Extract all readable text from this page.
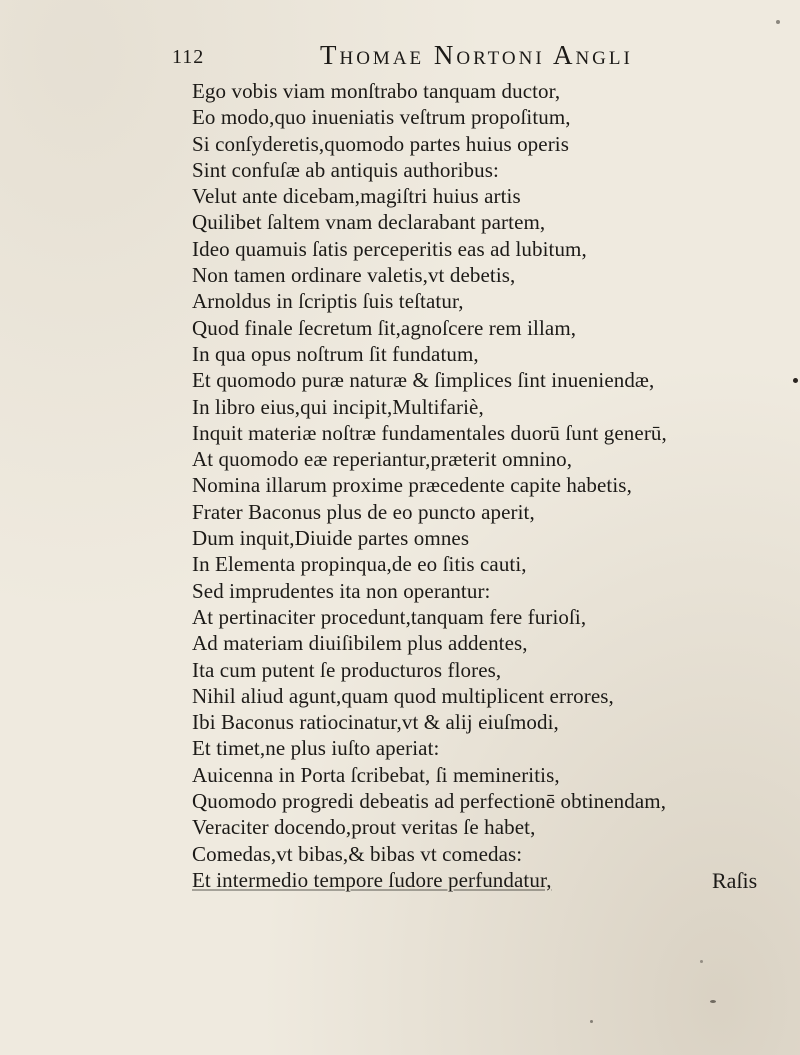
112	Thomae Nortoni Angli
Ego vobis viam monſtrabo tanquam ductor,
Eo modo,quo inueniatis veſtrum propoſitum,
Si conſyderetis,quomodo partes huius operis
Sint confuſæ ab antiquis authoribus:
Velut ante dicebam,magiſtri huius artis
Quilibet ſaltem vnam declarabant partem,
Ideo quamuis ſatis perceperitis eas ad lubitum,
Non tamen ordinare valetis,vt debetis,
Arnoldus in ſcriptis ſuis teſtatur,
Quod finale ſecretum ſit,agnoſcere rem illam,
In qua opus noſtrum ſit fundatum,
Et quomodo puræ naturæ & ſimplices ſint inueniendæ,
In libro eius,qui incipit,Multifariè,
Inquit materiæ noſtræ fundamentales duorū ſunt generū,
At quomodo eæ reperiantur,præterit omnino,
Nomina illarum proxime præcedente capite habetis,
Frater Baconus plus de eo puncto aperit,
Dum inquit,Diuide partes omnes
In Elementa propinqua,de eo ſitis cauti,
Sed imprudentes ita non operantur:
At pertinaciter procedunt,tanquam fere furioſi,
Ad materiam diuiſibilem plus addentes,
Ita cum putent ſe producturos flores,
Nihil aliud agunt,quam quod multiplicent errores,
Ibi Baconus ratiocinatur,vt & alij eiuſmodi,
Et timet,ne plus iuſto aperiat:
Auicenna in Porta ſcribebat, ſi memineritis,
Quomodo progredi debeatis ad perfectionē obtinendam,
Veraciter docendo,prout veritas ſe habet,
Comedas,vt bibas,& bibas vt comedas:
Et intermedio tempore ſudore perfundatur,	Raſis
